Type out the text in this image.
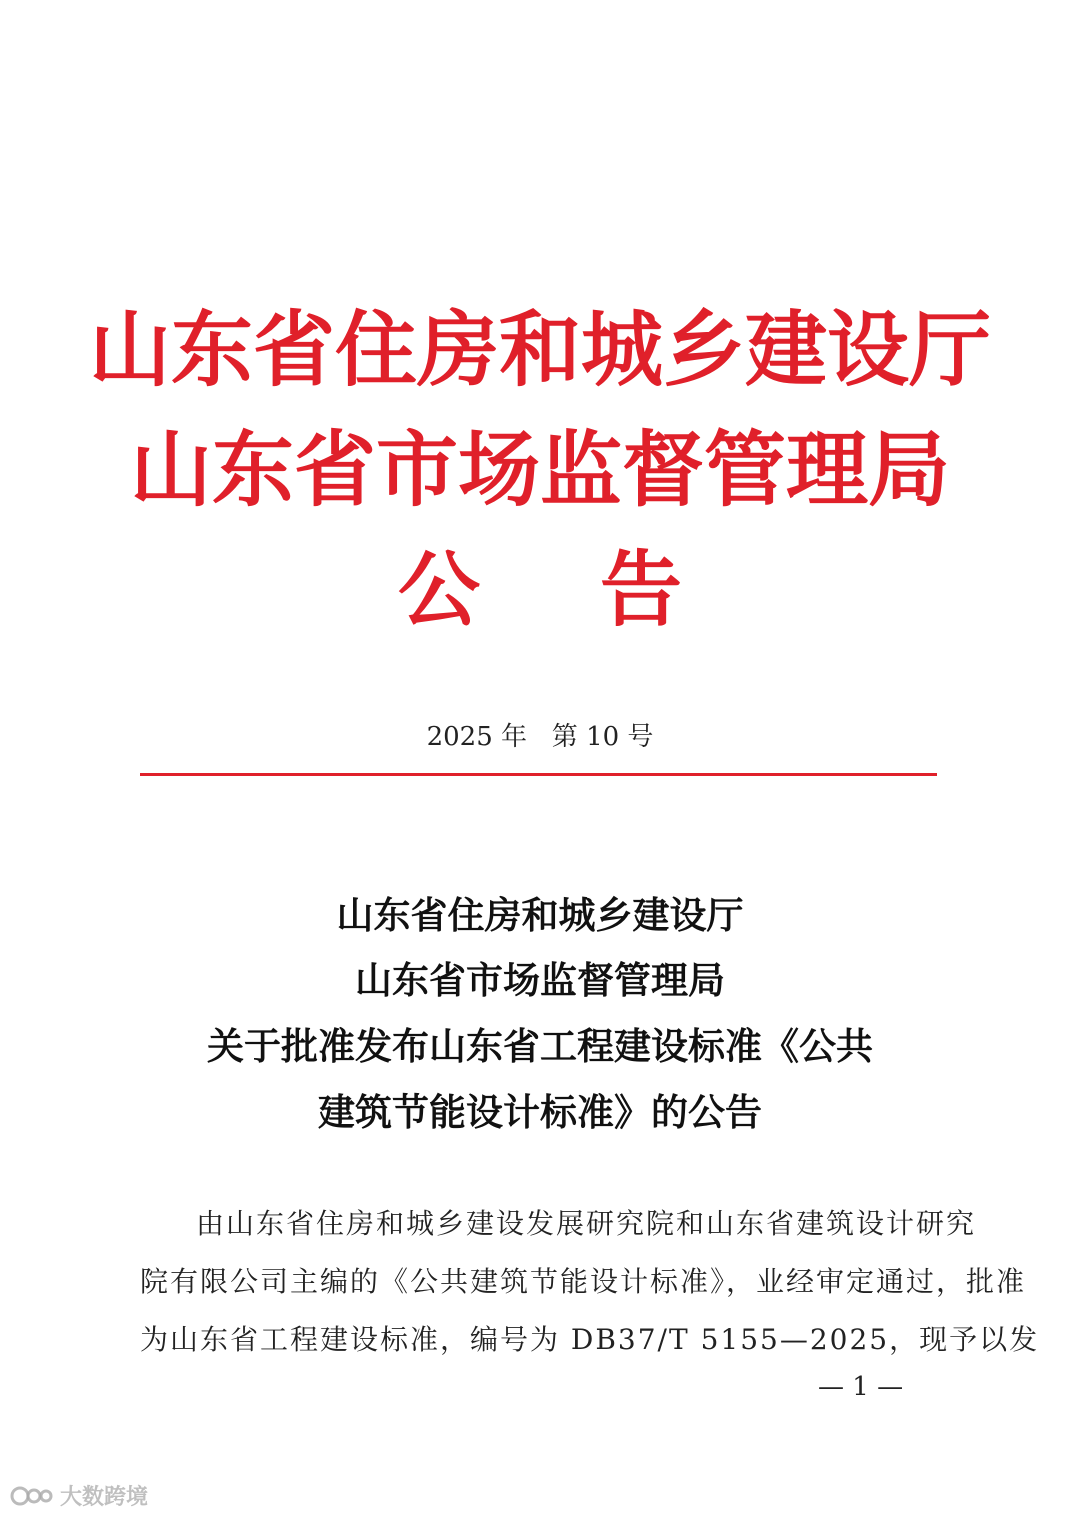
山东省住房和城乡建设厅
山东省市场监督管理局
公告
2025 年   第 10 号
山东省住房和城乡建设厅
山东省市场监督管理局
关于批准发布山东省工程建设标准《公共
建筑节能设计标准》的公告
由山东省住房和城乡建设发展研究院和山东省建筑设计研究
院有限公司主编的《公共建筑节能设计标准》，业经审定通过，批准
为山东省工程建设标准，编号为 DB37/T 5155—2025，现予以发
— 1 —
大数跨境
